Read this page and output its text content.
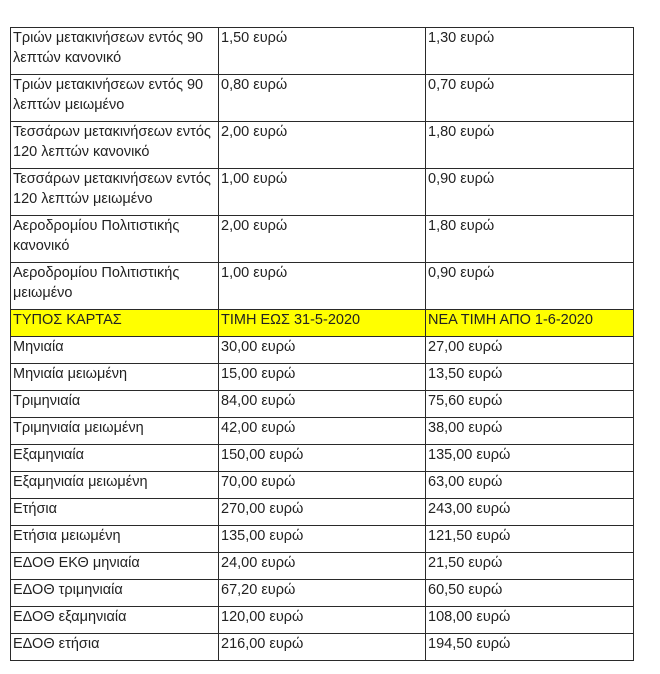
Τριών μετακινήσεων εντός 90 λεπτών κανονικό	1,50 ευρώ	1,30 ευρώ
Τριών μετακινήσεων εντός 90 λεπτών μειωμένο	0,80 ευρώ	0,70 ευρώ
Τεσσάρων μετακινήσεων εντός 120 λεπτών κανονικό	2,00 ευρώ	1,80 ευρώ
Τεσσάρων μετακινήσεων εντός 120 λεπτών μειωμένο	1,00 ευρώ	0,90 ευρώ
Αεροδρομίου Πολιτιστικής κανονικό	2,00 ευρώ	1,80 ευρώ
Αεροδρομίου Πολιτιστικής μειωμένο	1,00 ευρώ	0,90 ευρώ
ΤΥΠΟΣ ΚΑΡΤΑΣ	ΤΙΜΗ ΕΩΣ 31-5-2020	ΝΕΑ ΤΙΜΗ ΑΠΟ 1-6-2020
Μηνιαία	30,00 ευρώ	27,00 ευρώ
Μηνιαία μειωμένη	15,00 ευρώ	13,50 ευρώ
Τριμηνιαία	84,00 ευρώ	75,60 ευρώ
Τριμηνιαία μειωμένη	42,00 ευρώ	38,00 ευρώ
Εξαμηνιαία	150,00 ευρώ	135,00 ευρώ
Εξαμηνιαία μειωμένη	70,00 ευρώ	63,00 ευρώ
Ετήσια	270,00 ευρώ	243,00 ευρώ
Ετήσια μειωμένη	135,00 ευρώ	121,50 ευρώ
ΕΔΟΘ ΕΚΘ μηνιαία	24,00 ευρώ	21,50 ευρώ
ΕΔΟΘ τριμηνιαία	67,20 ευρώ	60,50 ευρώ
ΕΔΟΘ εξαμηνιαία	120,00 ευρώ	108,00 ευρώ
ΕΔΟΘ ετήσια	216,00 ευρώ	194,50 ευρώ
